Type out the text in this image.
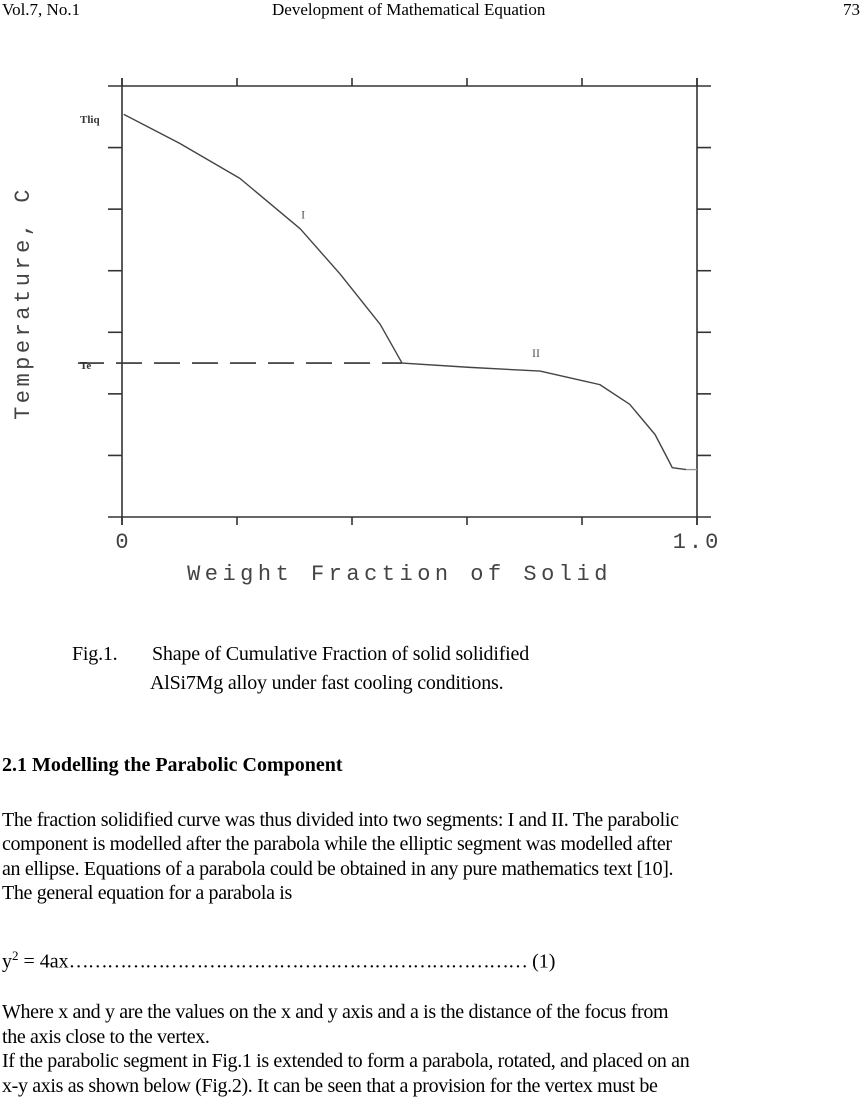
Vol.7, No.1	Development of Mathematical Equation	73
0	1.0
Weight Fraction of Solid
Temperature, C
Tliq
Te
I
II
Fig.1. Shape of Cumulative Fraction of solid solidified
AlSi7Mg alloy under fast cooling conditions.
2.1 Modelling the Parabolic Component
The fraction solidified curve was thus divided into two segments: I and II. The parabolic
component is modelled after the parabola while the elliptic segment was modelled after
an ellipse. Equations of a parabola could be obtained in any pure mathematics text [10].
The general equation for a parabola is
$y^2$ = 4ax……………………………………………………………… (1)
Where x and y are the values on the x and y axis and a is the distance of the focus from
the axis close to the vertex.
If the parabolic segment in Fig.1 is extended to form a parabola, rotated, and placed on an
x-y axis as shown below (Fig.2). It can be seen that a provision for the vertex must be
